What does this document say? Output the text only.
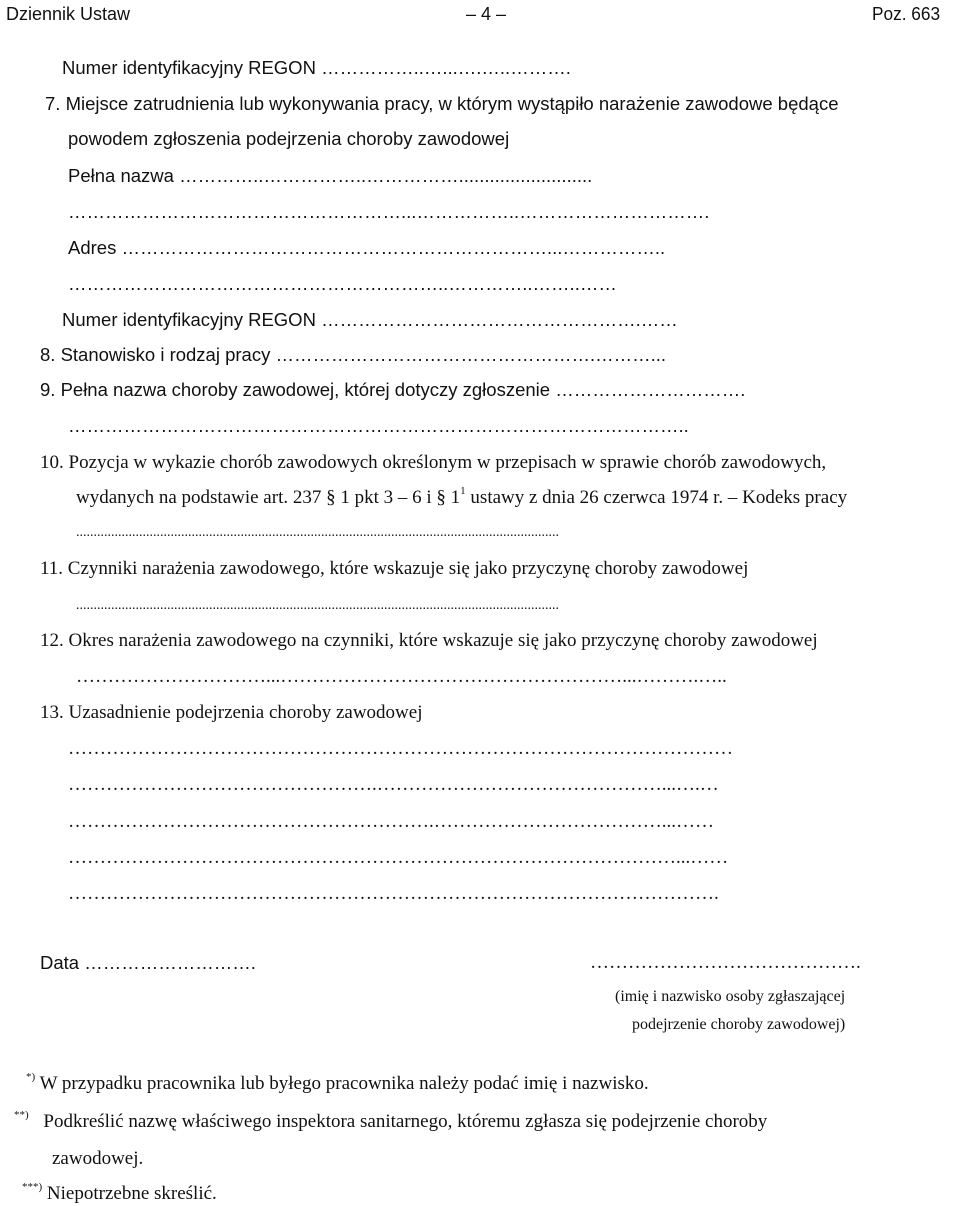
Dziennik Ustaw	– 4 –	Poz. 663
Numer identyfikacyjny REGON ……………..…...….…..……….
7. Miejsce zatrudnienia lub wykonywania pracy, w którym wystąpiło narażenie zawodowe będące
powodem zgłoszenia podejrzenia choroby zawodowej
Pełna nazwa …………..……………..……………..........................
………………………………………………...……………..………………………….
Adres ……………………………………………………………...……………..
……………………………………………………..…………..……..……
Numer identyfikacyjny REGON …………………………………………….……
8. Stanowisko i rodzaj pracy …………………………………………….………...
9. Pełna nazwa choroby zawodowej, której dotyczy zgłoszenie ………………………….
………………………………………………………………………………………..
10. Pozycja w wykazie chorób zawodowych określonym w przepisach w sprawie chorób zawodowych,
wydanych na podstawie art. 237 § 1 pkt 3 – 6 i § $1^1$ ustawy z dnia 26 czerwca 1974 r. – Kodeks pracy
..........................................................................................................................................
11. Czynniki narażenia zawodowego, które wskazuje się jako przyczynę choroby zawodowej
..........................................................................................................................................
12. Okres narażenia zawodowego na czynniki, które wskazuje się jako przyczynę choroby zawodowej
…………………………...………………………………………………...……….…..
13. Uzasadnienie podejrzenia choroby zawodowej
……………………………………………………………………………………………
………………………………………….………………………………………...….…
………………………………………………….………………………………...……
……………………………………………………………………………………...……
………………………………………………………………………………………….
Data ……………………….	…………………………………….
(imię i nazwisko osoby zgłaszającej
podejrzenie choroby zawodowej)
*) W przypadku pracownika lub byłego pracownika należy podać imię i nazwisko.
**) Podkreślić nazwę właściwego inspektora sanitarnego, któremu zgłasza się podejrzenie choroby
zawodowej.
***) Niepotrzebne skreślić.
